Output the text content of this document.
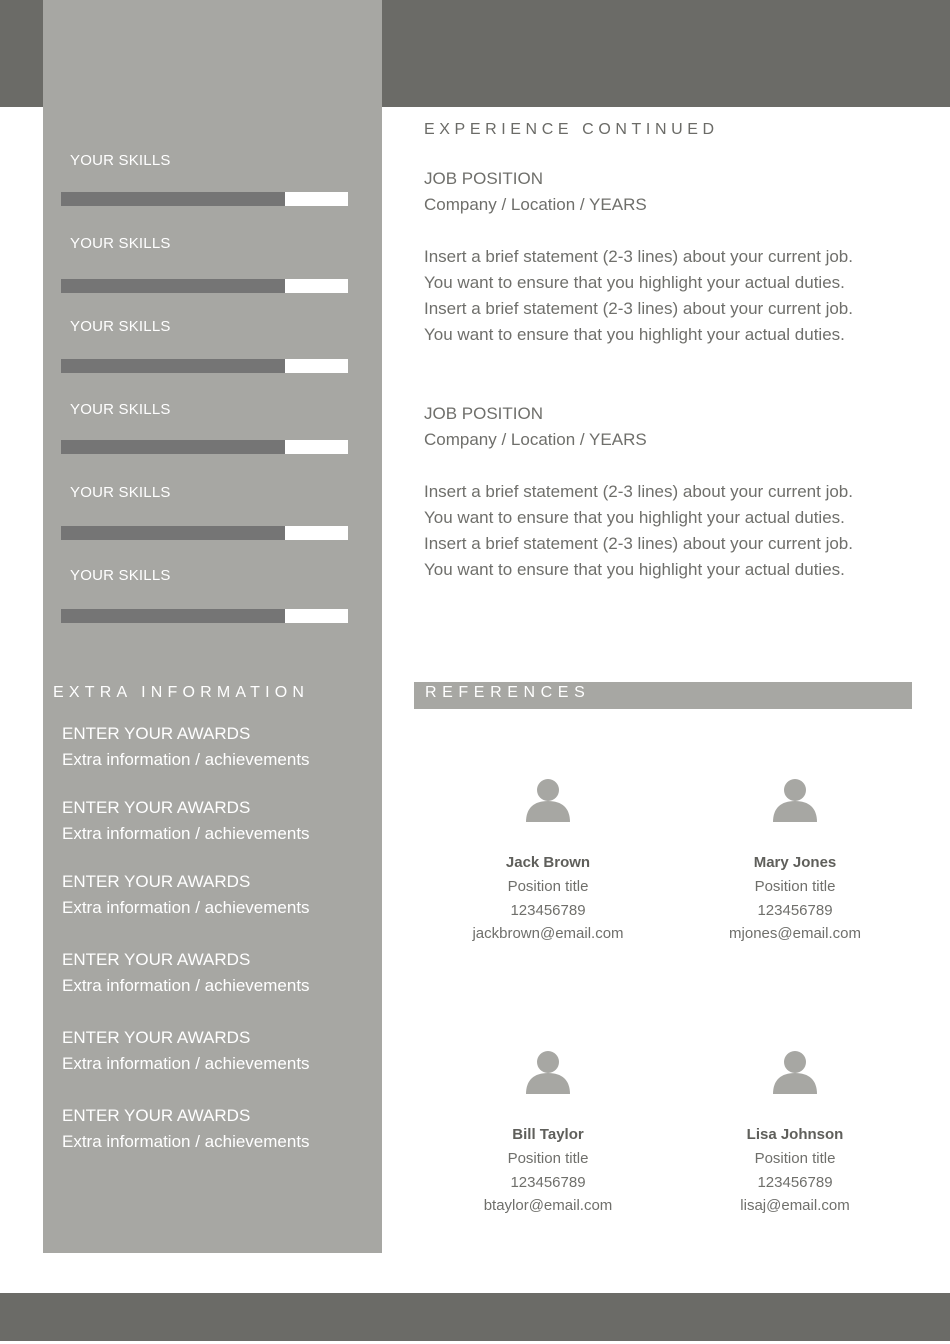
YOUR SKILLS
YOUR SKILLS
YOUR SKILLS
YOUR SKILLS
YOUR SKILLS
YOUR SKILLS
EXTRA INFORMATION
ENTER YOUR AWARDS
Extra information / achievements
ENTER YOUR AWARDS
Extra information / achievements
ENTER YOUR AWARDS
Extra information / achievements
ENTER YOUR AWARDS
Extra information / achievements
ENTER YOUR AWARDS
Extra information / achievements
ENTER YOUR AWARDS
Extra information / achievements
EXPERIENCE CONTINUED
JOB POSITION
Company / Location / YEARS
Insert a brief statement (2-3 lines) about your current job.
You want to ensure that you highlight your actual duties.
Insert a brief statement (2-3 lines) about your current job.
You want to ensure that you highlight your actual duties.
JOB POSITION
Company / Location / YEARS
Insert a brief statement (2-3 lines) about your current job.
You want to ensure that you highlight your actual duties.
Insert a brief statement (2-3 lines) about your current job.
You want to ensure that you highlight your actual duties.
REFERENCES
Jack Brown
Position title
123456789
jackbrown@email.com
Mary Jones
Position title
123456789
mjones@email.com
Bill Taylor
Position title
123456789
btaylor@email.com
Lisa Johnson
Position title
123456789
lisaj@email.com
